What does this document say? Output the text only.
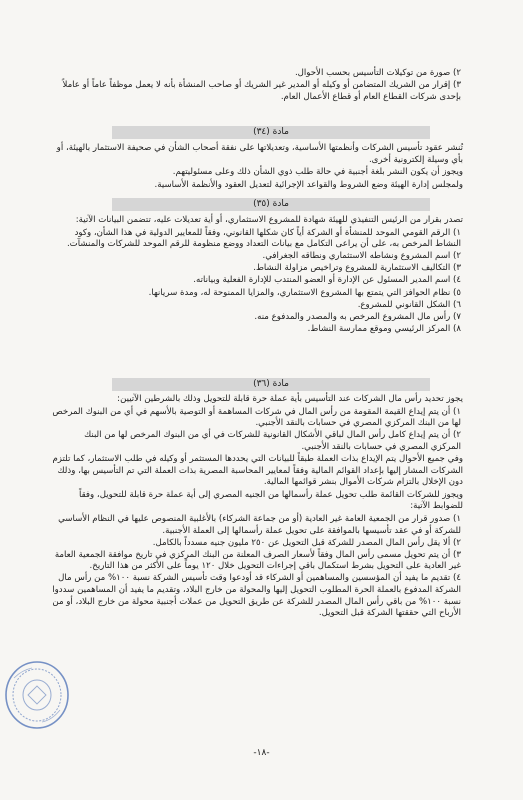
٢) صورة من توكيلات التأسيس بحسب الأحوال.
٣) إقرار من الشريك المتضامن أو وكيله أو المدير غير الشريك أو صاحب المنشأة بأنه لا يعمل موظفاً عاماً أو عاملاً بإحدى شركات القطاع العام أو قطاع الأعمال العام.
مادة (٣٤)
تُنشر عقود تأسيس الشركات وأنظمتها الأساسية، وتعديلاتها على نفقة أصحاب الشأن في صحيفة الاستثمار بالهيئة، أو بأي وسيلة إلكترونية أخرى.
ويجوز أن يكون النشر بلغة أجنبية في حالة طلب ذوي الشأن ذلك وعلى مسئوليتهم.
ولمجلس إدارة الهيئة وضع الشروط والقواعد الإجرائية لتعديل العقود والأنظمة الأساسية.
مادة (٣٥)
تصدر بقرار من الرئيس التنفيذي للهيئة شهادة للمشروع الاستثماري، أو أية تعديلات عليه، تتضمن البيانات الآتية:
١) الرقم القومي الموحد للمنشأة أو الشركة أياً كان شكلها القانوني، وفقاً للمعايير الدولية في هذا الشأن، وكود النشاط المرخص به، على أن يراعى التكامل مع بيانات التعداد ووضع منظومة للرقم الموحد للشركات والمنشآت.
٢) اسم المشروع ونشاطه الاستثماري ونطاقه الجغرافي.
٣) التكاليف الاستثمارية للمشروع وتراخيص مزاولة النشاط.
٤) اسم المدير المسئول عن الإدارة أو العضو المنتدب للإدارة الفعلية وبياناته.
٥) نظام الحوافز التي يتمتع بها المشروع الاستثماري، والمزايا الممنوحة له، ومدة سريانها.
٦) الشكل القانوني للمشروع.
٧) رأس مال المشروع المرخص به والمصدر والمدفوع منه.
٨) المركز الرئيسي وموقع ممارسة النشاط.
مادة (٣٦)
يجوز تحديد رأس مال الشركات عند التأسيس بأية عملة حرة قابلة للتحويل وذلك بالشرطين الآتيين:
١) أن يتم إيداع القيمة المقومة من رأس المال في شركات المساهمة أو التوصية بالأسهم في أي من البنوك المرخص لها من البنك المركزي المصري في حسابات بالنقد الأجنبي.
٢) أن يتم إيداع كامل رأس المال لباقي الأشكال القانونية للشركات في أي من البنوك المرخص لها من البنك المركزي المصري في حسابات بالنقد الأجنبي.
وفي جميع الأحوال يتم الإيداع بذات العملة طبقاً للبيانات التي يحددها المستثمر أو وكيله في طلب الاستثمار، كما تلتزم الشركات المشار إليها بإعداد القوائم المالية وفقاً لمعايير المحاسبة المصرية بذات العملة التي تم التأسيس بها، وذلك دون الإخلال بالتزام شركات الأموال بنشر قوائمها المالية.
ويجوز للشركات القائمة طلب تحويل عملة رأسمالها من الجنيه المصري إلى أية عملة حرة قابلة للتحويل، وفقاً للضوابط الآتية:
١) صدور قرار من الجمعية العامة غير العادية (أو من جماعة الشركاء) بالأغلبية المنصوص عليها في النظام الأساسي للشركة أو في عقد تأسيسها بالموافقة على تحويل عملة رأسمالها إلى العملة الأجنبية.
٢) ألا يقل رأس المال المصدر للشركة قبل التحويل عن ٢٥٠ مليون جنيه مسدداً بالكامل.
٣) أن يتم تحويل مسمى رأس المال وفقاً لأسعار الصرف المعلنة من البنك المركزي في تاريخ موافقة الجمعية العامة غير العادية على التحويل بشرط استكمال باقي إجراءات التحويل خلال ١٢٠ يوماً على الأكثر من هذا التاريخ.
٤) تقديم ما يفيد أن المؤسسين والمساهمين أو الشركاء قد أودعوا وقت تأسيس الشركة نسبة ١٠٠% من رأس مال الشركة المدفوع بالعملة الحرة المطلوب التحويل إليها والمحولة من خارج البلاد، وتقديم ما يفيد أن المساهمين سددوا نسبة ١٠٠% من باقي رأس المال المصدر للشركة عن طريق التحويل من عملات أجنبية محولة من خارج البلاد، أو من الأرباح التي حققتها الشركة قبل التحويل.
-١٨-
